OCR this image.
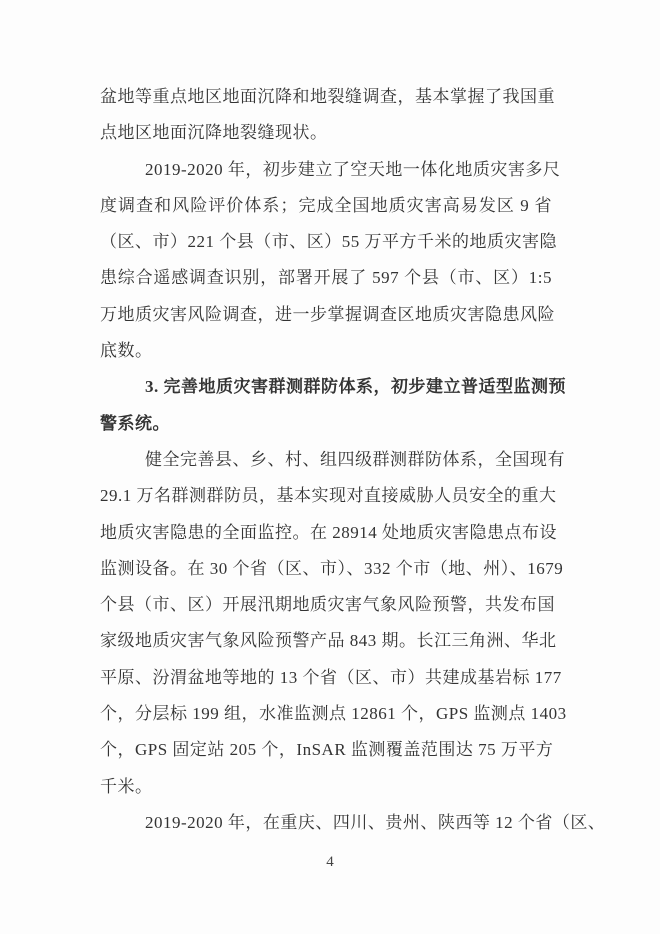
盆地等重点地区地面沉降和地裂缝调查，基本掌握了我国重
点地区地面沉降地裂缝现状。
2019-2020 年，初步建立了空天地一体化地质灾害多尺
度调查和风险评价体系；完成全国地质灾害高易发区 9 省
（区、市）221 个县（市、区）55 万平方千米的地质灾害隐
患综合遥感调查识别，部署开展了 597 个县（市、区）1:5
万地质灾害风险调查，进一步掌握调查区地质灾害隐患风险
底数。
3. 完善地质灾害群测群防体系，初步建立普适型监测预
警系统。
健全完善县、乡、村、组四级群测群防体系，全国现有
29.1 万名群测群防员，基本实现对直接威胁人员安全的重大
地质灾害隐患的全面监控。在 28914 处地质灾害隐患点布设
监测设备。在 30 个省（区、市）、332 个市（地、州）、1679
个县（市、区）开展汛期地质灾害气象风险预警，共发布国
家级地质灾害气象风险预警产品 843 期。长江三角洲、华北
平原、汾渭盆地等地的 13 个省（区、市）共建成基岩标 177
个，分层标 199 组，水准监测点 12861 个，GPS 监测点 1403
个，GPS 固定站 205 个，InSAR 监测覆盖范围达 75 万平方
千米。
2019-2020 年，在重庆、四川、贵州、陕西等 12 个省（区、
4
